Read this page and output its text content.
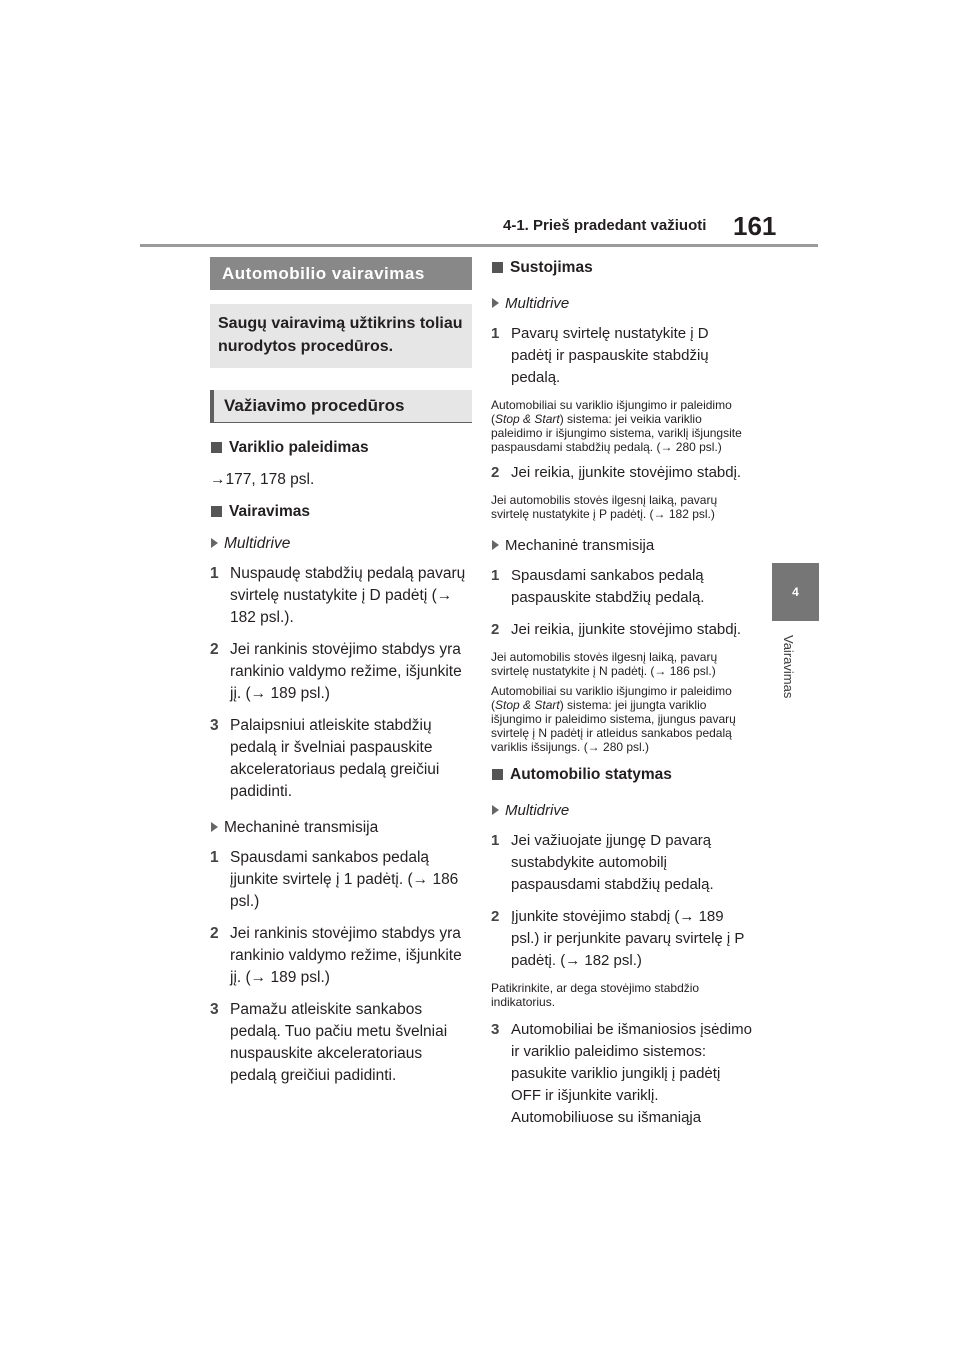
4-1. Prieš pradedant važiuoti 161
4
Vairavimas
Automobilio vairavimas
Saugų vairavimą užtikrins toliau nurodytos procedūros.
Važiavimo procedūros
Variklio paleidimas
→177, 178 psl.
Vairavimas
Multidrive
1 Nuspaudę stabdžių pedalą pavarų svirtelę nustatykite į D padėtį (→ 182 psl.).
2 Jei rankinis stovėjimo stabdys yra rankinio valdymo režime, išjunkite jį. (→ 189 psl.)
3 Palaipsniui atleiskite stabdžių pedalą ir švelniai paspauskite akceleratoriaus pedalą greičiui padidinti.
Mechaninė transmisija
1 Spausdami sankabos pedalą įjunkite svirtelę į 1 padėtį. (→ 186 psl.)
2 Jei rankinis stovėjimo stabdys yra rankinio valdymo režime, išjunkite jį. (→ 189 psl.)
3 Pamažu atleiskite sankabos pedalą. Tuo pačiu metu švelniai nuspauskite akceleratoriaus pedalą greičiui padidinti.
Sustojimas
Multidrive
1 Pavarų svirtelę nustatykite į D padėtį ir paspauskite stabdžių pedalą.
Automobiliai su variklio išjungimo ir paleidimo (Stop & Start) sistema: jei veikia variklio paleidimo ir išjungimo sistema, variklį išjungsite paspausdami stabdžių pedalą. (→ 280 psl.)
2 Jei reikia, įjunkite stovėjimo stabdį.
Jei automobilis stovės ilgesnį laiką, pavarų svirtelę nustatykite į P padėtį. (→ 182 psl.)
Mechaninė transmisija
1 Spausdami sankabos pedalą paspauskite stabdžių pedalą.
2 Jei reikia, įjunkite stovėjimo stabdį.
Jei automobilis stovės ilgesnį laiką, pavarų svirtelę nustatykite į N padėtį. (→ 186 psl.)
Automobiliai su variklio išjungimo ir paleidimo (Stop & Start) sistema: jei įjungta variklio išjungimo ir paleidimo sistema, įjungus pavarų svirtelę į N padėtį ir atleidus sankabos pedalą variklis išsijungs. (→ 280 psl.)
Automobilio statymas
Multidrive
1 Jei važiuojate įjungę D pavarą sustabdykite automobilį paspausdami stabdžių pedalą.
2 Įjunkite stovėjimo stabdį (→ 189 psl.) ir perjunkite pavarų svirtelę į P padėtį. (→ 182 psl.)
Patikrinkite, ar dega stovėjimo stabdžio indikatorius.
3 Automobiliai be išmaniosios įsėdimo ir variklio paleidimo sistemos: pasukite variklio jungiklį į padėtį OFF ir išjunkite variklį.
Automobiliuose su išmaniąja
